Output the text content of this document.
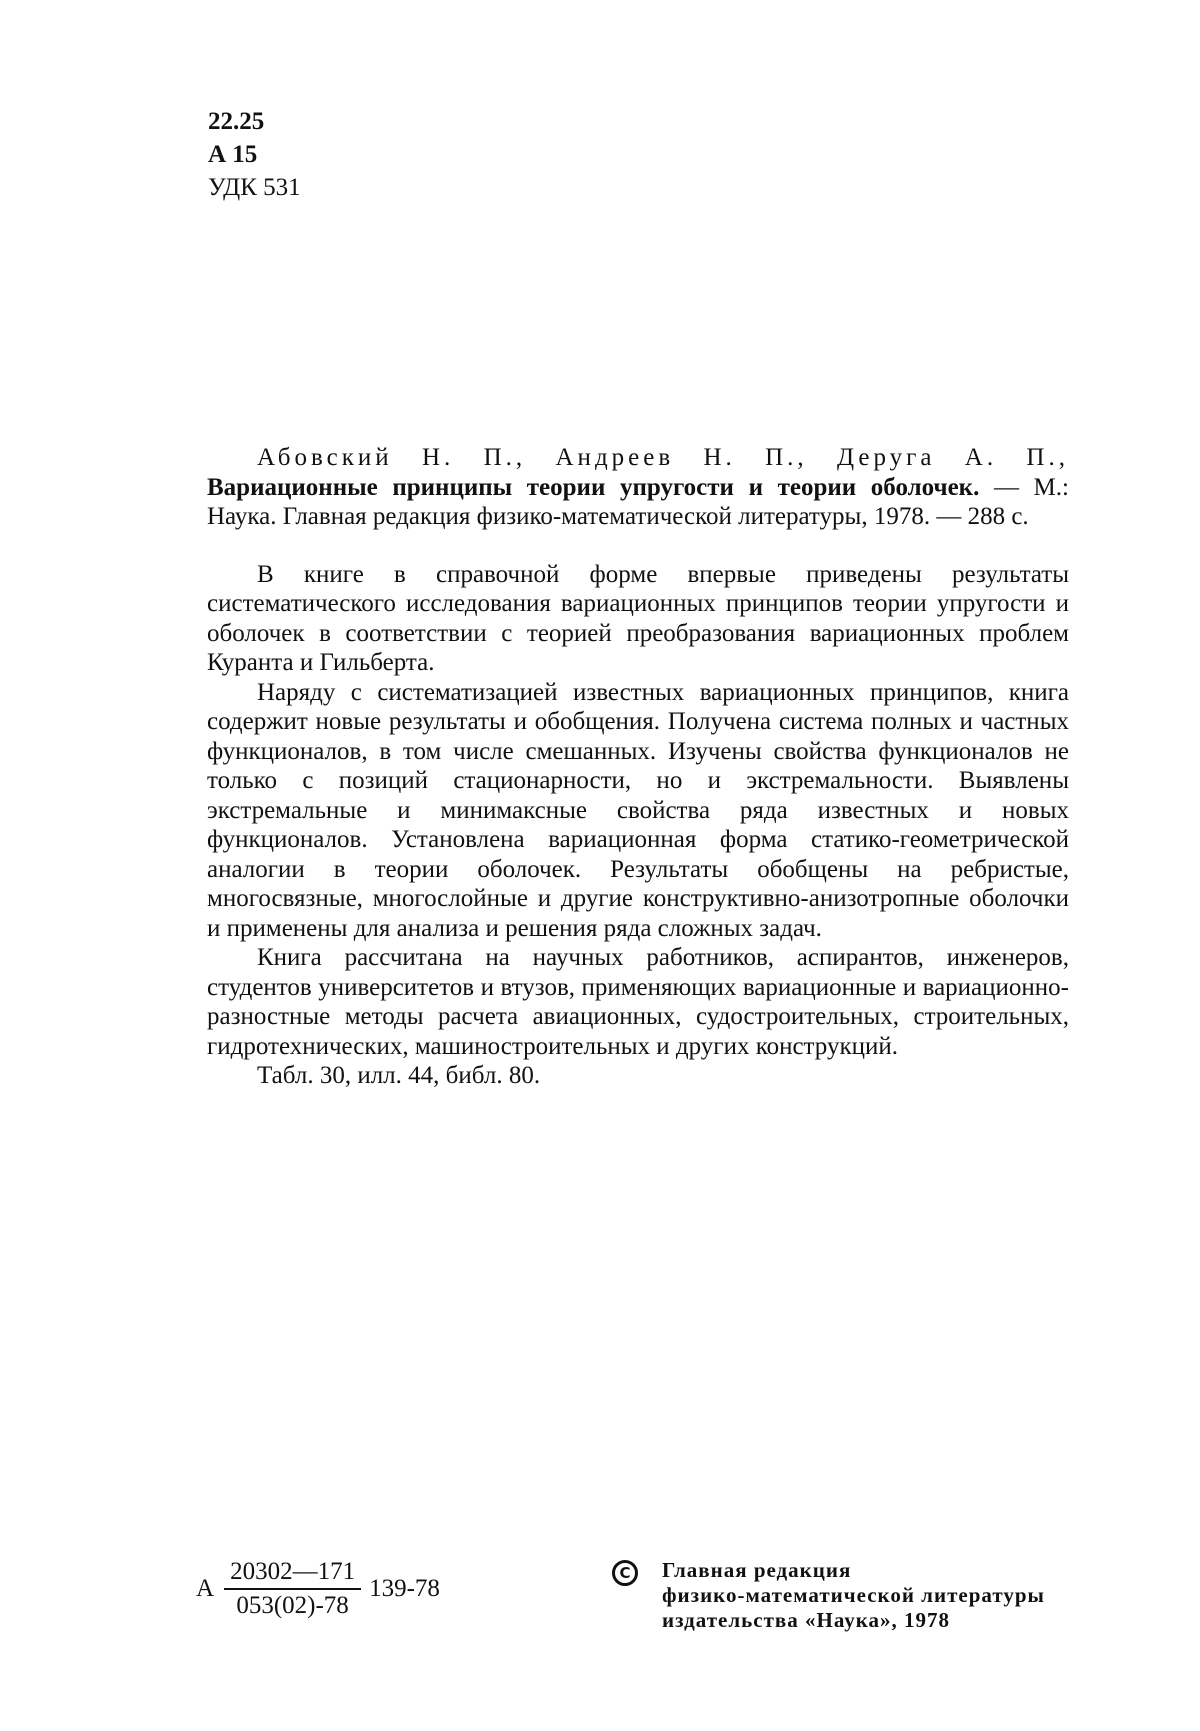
22.25
А 15
УДК 531

Абовский Н. П., Андреев Н. П., Деруга А. П., Вариационные принципы теории упругости и теории оболочек. — М.: Наука. Главная редакция физико-математической литературы, 1978. — 288 с.

В книге в справочной форме впервые приведены результаты систематического исследования вариационных принципов теории упругости и оболочек в соответствии с теорией преобразования вариационных проблем Куранта и Гильберта.

Наряду с систематизацией известных вариационных принципов, книга содержит новые результаты и обобщения. Получена система полных и частных функционалов, в том числе смешанных. Изучены свойства функционалов не только с позиций стационарности, но и экстремальности. Выявлены экстремальные и минимаксные свойства ряда известных и новых функционалов. Установлена вариационная форма статико-геометрической аналогии в теории оболочек. Результаты обобщены на ребристые, многосвязные, многослойные и другие конструктивно-анизотропные оболочки и применены для анализа и решения ряда сложных задач.

Книга рассчитана на научных работников, аспирантов, инженеров, студентов университетов и втузов, применяющих вариационные и вариационно-разностные методы расчета авиационных, судостроительных, строительных, гидротехнических, машиностроительных и других конструкций.

Табл. 30, илл. 44, библ. 80.

А $\frac{20302—171}{053(02)-78} 139-78$
C	Главная редакция
физико-математической литературы
издательства «Наука», 1978
